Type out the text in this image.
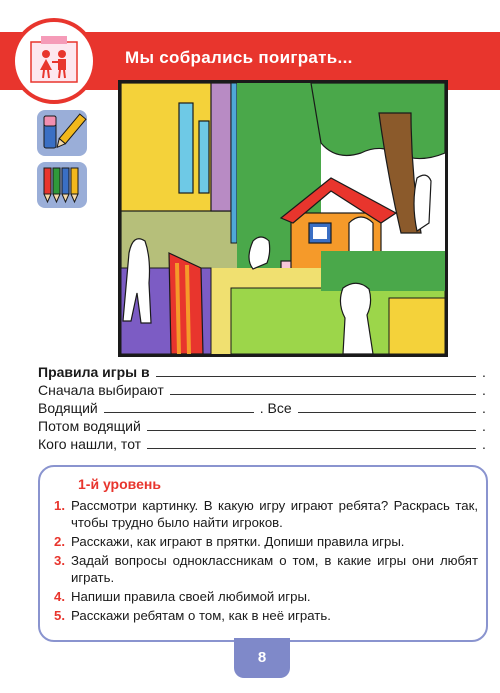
Мы собрались поиграть...
Правила игры в	.
Сначала выбирают	.
Водящий	. Все	.
Потом водящий	.
Кого нашли, тот	.
1-й уровень
1. Рассмотри картинку. В какую игру играют ребята? Раскрась так, чтобы трудно было найти игроков.
2. Расскажи, как играют в прятки. Допиши правила игры.
3. Задай вопросы одноклассникам о том, в какие игры они любят играть.
4. Напиши правила своей любимой игры.
5. Расскажи ребятам о том, как в неё играть.
8
